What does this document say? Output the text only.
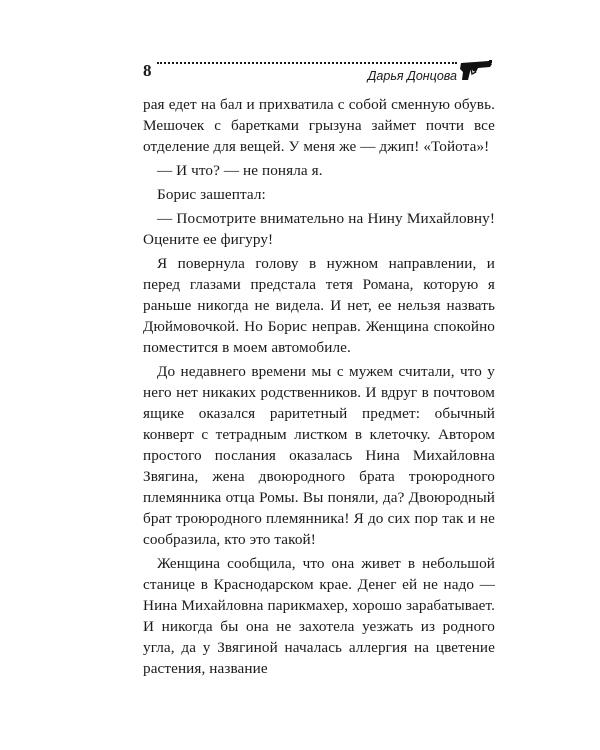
8	Дарья Донцова

рая едет на бал и прихватила с собой сменную обувь. Мешочек с баретками грызуна займет почти все отделение для вещей. У меня же — джип! «Тойота»!

— И что? — не поняла я.

Борис зашептал:

— Посмотрите внимательно на Нину Михайловну! Оцените ее фигуру!

Я повернула голову в нужном направлении, и перед глазами предстала тетя Романа, которую я раньше никогда не видела. И нет, ее нельзя назвать Дюймовочкой. Но Борис неправ. Женщина спокойно поместится в моем автомобиле.

До недавнего времени мы с мужем считали, что у него нет никаких родственников. И вдруг в почтовом ящике оказался раритетный предмет: обычный конверт с тетрадным листком в клеточку. Автором простого послания оказалась Нина Михайловна Звягина, жена двоюродного брата троюродного племянника отца Ромы. Вы поняли, да? Двоюродный брат троюродного племянника! Я до сих пор так и не сообразила, кто это такой!

Женщина сообщила, что она живет в небольшой станице в Краснодарском крае. Денег ей не надо — Нина Михайловна парикмахер, хорошо зарабатывает. И никогда бы она не захотела уезжать из родного угла, да у Звягиной началась аллергия на цветение растения, название
